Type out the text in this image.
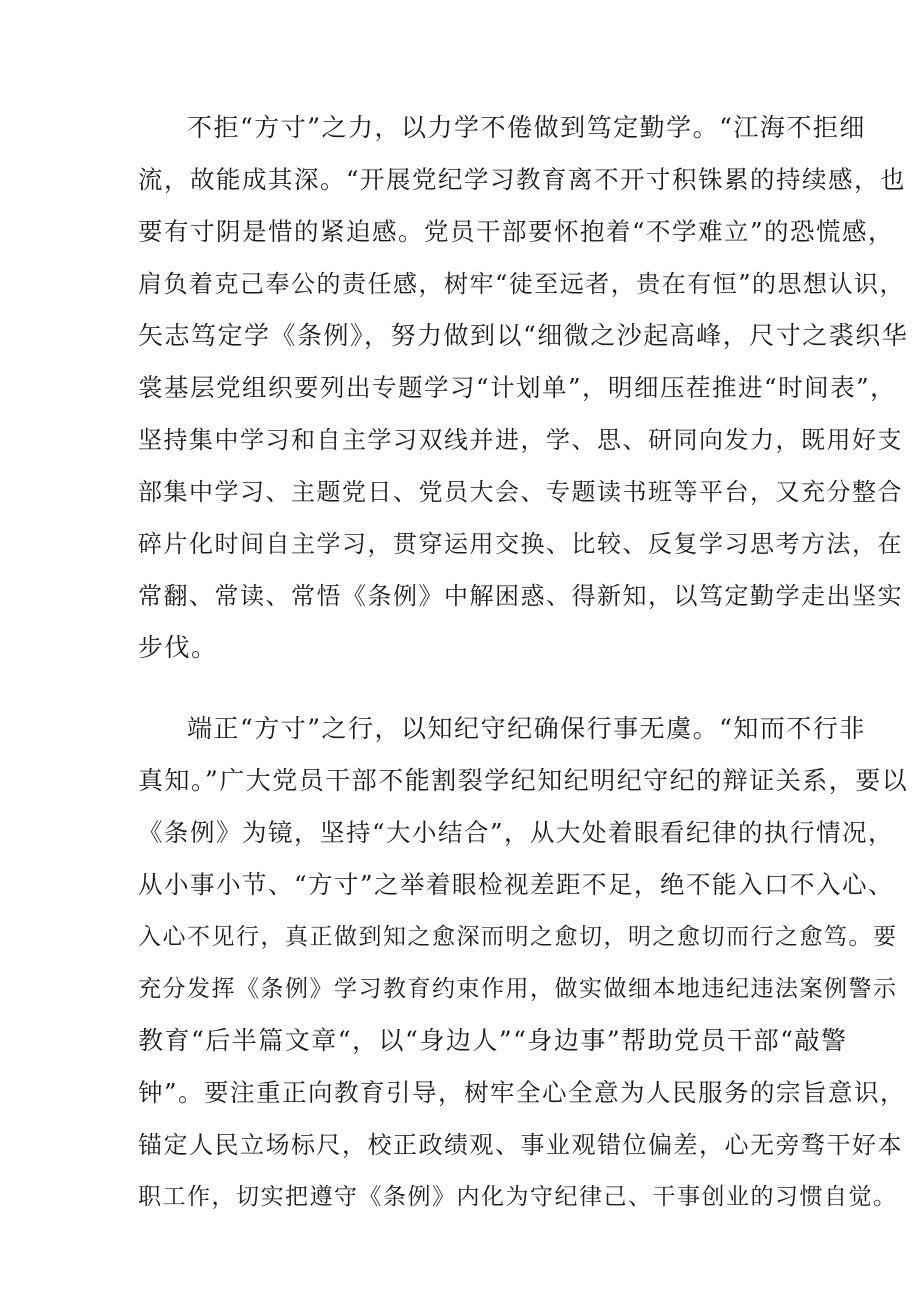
不拒“方寸”之力，以力学不倦做到笃定勤学。“江海不拒细
流，故能成其深。“开展党纪学习教育离不开寸积铢累的持续感，也
要有寸阴是惜的紧迫感。党员干部要怀抱着“不学难立”的恐慌感，
肩负着克己奉公的责任感，树牢“徒至远者，贵在有恒”的思想认识，
矢志笃定学《条例》，努力做到以“细微之沙起高峰，尺寸之裘织华
裳基层党组织要列出专题学习“计划单”，明细压茬推进“时间表”，
坚持集中学习和自主学习双线并进，学、思、研同向发力，既用好支
部集中学习、主题党日、党员大会、专题读书班等平台，又充分整合
碎片化时间自主学习，贯穿运用交换、比较、反复学习思考方法，在
常翻、常读、常悟《条例》中解困惑、得新知，以笃定勤学走出坚实
步伐。
端正“方寸”之行，以知纪守纪确保行事无虞。“知而不行非
真知。”广大党员干部不能割裂学纪知纪明纪守纪的辩证关系，要以
《条例》为镜，坚持“大小结合”，从大处着眼看纪律的执行情况，
从小事小节、“方寸”之举着眼检视差距不足，绝不能入口不入心、
入心不见行，真正做到知之愈深而明之愈切，明之愈切而行之愈笃。要
充分发挥《条例》学习教育约束作用，做实做细本地违纪违法案例警示
教育“后半篇文章“，以“身边人”“身边事”帮助党员干部“敲警
钟”。要注重正向教育引导，树牢全心全意为人民服务的宗旨意识，
锚定人民立场标尺，校正政绩观、事业观错位偏差，心无旁骛干好本
职工作，切实把遵守《条例》内化为守纪律己、干事创业的习惯自觉。
